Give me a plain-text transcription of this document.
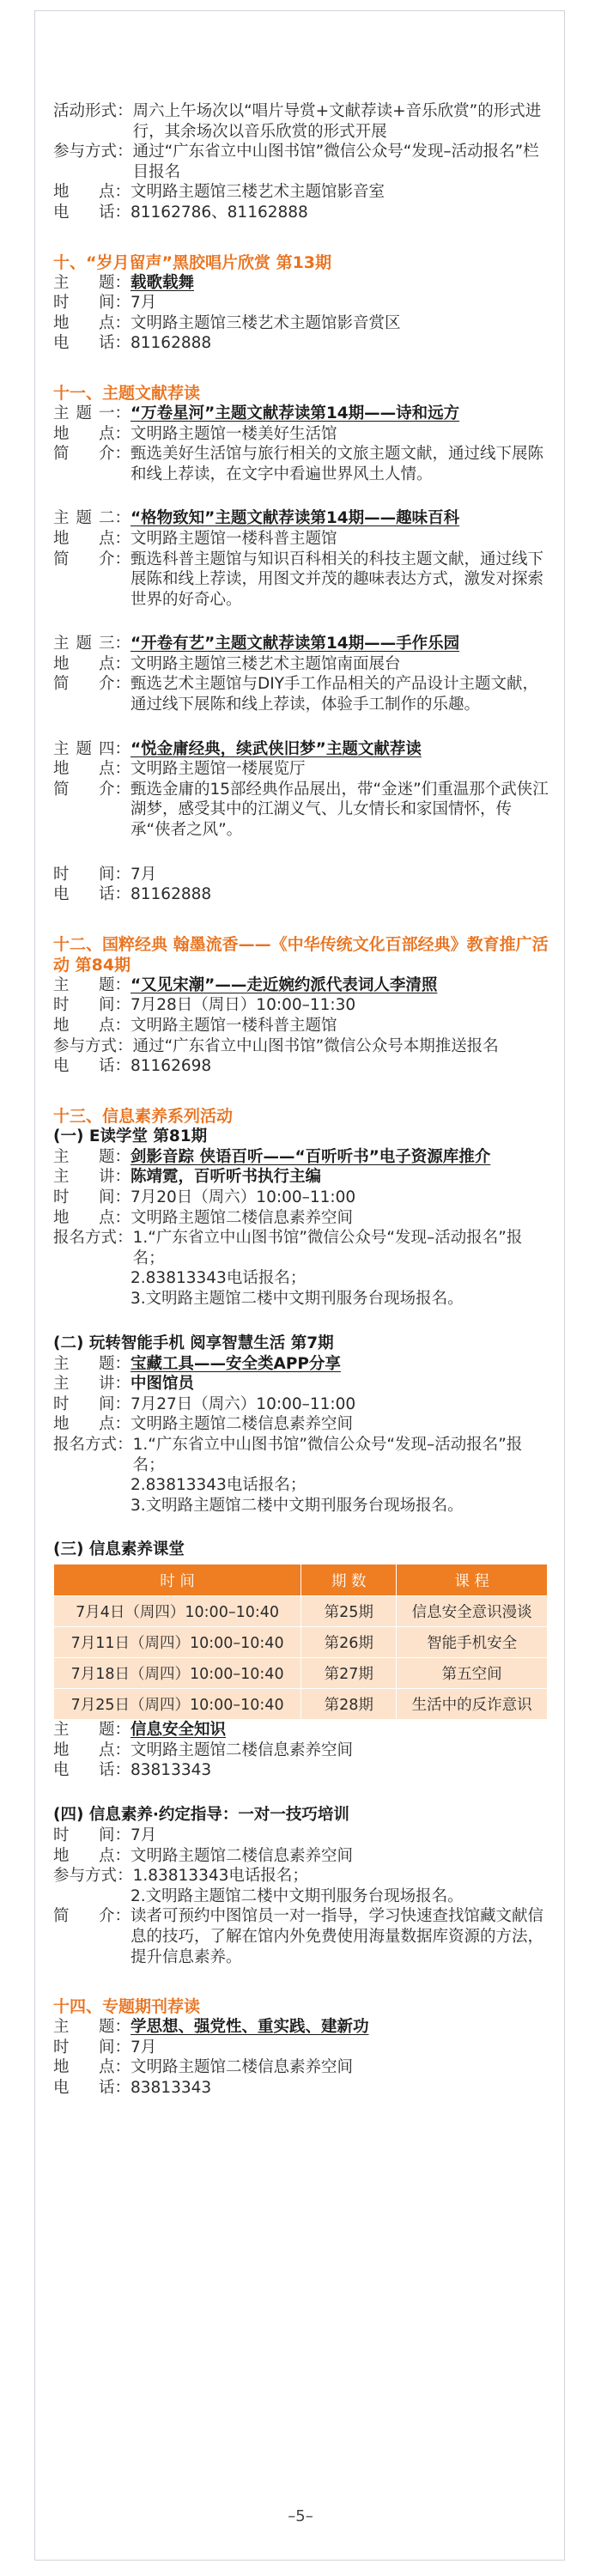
活 动 形 式 ： 周六上午场次以“唱片导赏+文献荐读+音乐欣赏”的形式进行，其余场次以音乐欣赏的形式开展
参 与 方 式 ： 通过“广东省立中山图书馆”微信公众号“发现–活动报名”栏目报名
地 点 ： 文明路主题馆三楼艺术主题馆影音室
电 话 ： 81162786、81162888
十、“岁月留声”黑胶唱片欣赏 第13期
主 题 ： 载歌载舞
时 间 ： 7月
地 点 ： 文明路主题馆三楼艺术主题馆影音赏区
电 话 ： 81162888
十一、主题文献荐读
主 题 一 ： “万卷星河”主题文献荐读第14期——诗和远方
地 点 ： 文明路主题馆一楼美好生活馆
简 介 ： 甄选美好生活馆与旅行相关的文旅主题文献，通过线下展陈和线上荐读，在文字中看遍世界风土人情。
主 题 二 ： “格物致知”主题文献荐读第14期——趣味百科
地 点 ： 文明路主题馆一楼科普主题馆
简 介 ： 甄选科普主题馆与知识百科相关的科技主题文献，通过线下展陈和线上荐读，用图文并茂的趣味表达方式，激发对探索世界的好奇心。
主 题 三 ： “开卷有艺”主题文献荐读第14期——手作乐园
地 点 ： 文明路主题馆三楼艺术主题馆南面展台
简 介 ： 甄选艺术主题馆与DIY手工作品相关的产品设计主题文献，通过线下展陈和线上荐读，体验手工制作的乐趣。
主 题 四 ： “悦金庸经典，续武侠旧梦”主题文献荐读
地 点 ： 文明路主题馆一楼展览厅
简 介 ： 甄选金庸的15部经典作品展出，带“金迷”们重温那个武侠江湖梦，感受其中的江湖义气、儿女情长和家国情怀，传承“侠者之风”。
时 间 ： 7月
电 话 ： 81162888
十二、国粹经典 翰墨流香——《中华传统文化百部经典》教育推广活动 第84期
主 题 ： “又见宋潮”——走近婉约派代表词人李清照
时 间 ： 7月28日（周日）10:00–11:30
地 点 ： 文明路主题馆一楼科普主题馆
参 与 方 式 ： 通过“广东省立中山图书馆”微信公众号本期推送报名
电 话 ： 81162698
十三、信息素养系列活动
(一) E读学堂 第81期
主 题 ： 剑影音踪 侠语百听——“百听听书”电子资源库推介
主 讲 ： 陈靖霓，百听听书执行主编
时 间 ： 7月20日（周六）10:00–11:00
地 点 ： 文明路主题馆二楼信息素养空间
报 名 方 式 ： 1.“广东省立中山图书馆”微信公众号“发现–活动报名”报名；
2.83813343电话报名；
3.文明路主题馆二楼中文期刊服务台现场报名。
(二) 玩转智能手机 阅享智慧生活 第7期
主 题 ： 宝藏工具——安全类APP分享
主 讲 ： 中图馆员
时 间 ： 7月27日（周六）10:00–11:00
地 点 ： 文明路主题馆二楼信息素养空间
报 名 方 式 ： 1.“广东省立中山图书馆”微信公众号“发现–活动报名”报名；
2.83813343电话报名；
3.文明路主题馆二楼中文期刊服务台现场报名。
(三) 信息素养课堂
时 间	期 数	课 程
7月4日（周四）10:00–10:40	第25期	信息安全意识漫谈
7月11日（周四）10:00–10:40	第26期	智能手机安全
7月18日（周四）10:00–10:40	第27期	第五空间
7月25日（周四）10:00–10:40	第28期	生活中的反诈意识
主 题 ： 信息安全知识
地 点 ： 文明路主题馆二楼信息素养空间
电 话 ： 83813343
(四) 信息素养·约定指导：一对一技巧培训
时 间 ： 7月
地 点 ： 文明路主题馆二楼信息素养空间
参 与 方 式 ： 1.83813343电话报名；
2.文明路主题馆二楼中文期刊服务台现场报名。
简 介 ： 读者可预约中图馆员一对一指导，学习快速查找馆藏文献信息的技巧，了解在馆内外免费使用海量数据库资源的方法，提升信息素养。
十四、专题期刊荐读
主 题 ： 学思想、强党性、重实践、建新功
时 间 ： 7月
地 点 ： 文明路主题馆二楼信息素养空间
电 话 ： 83813343
–5–
